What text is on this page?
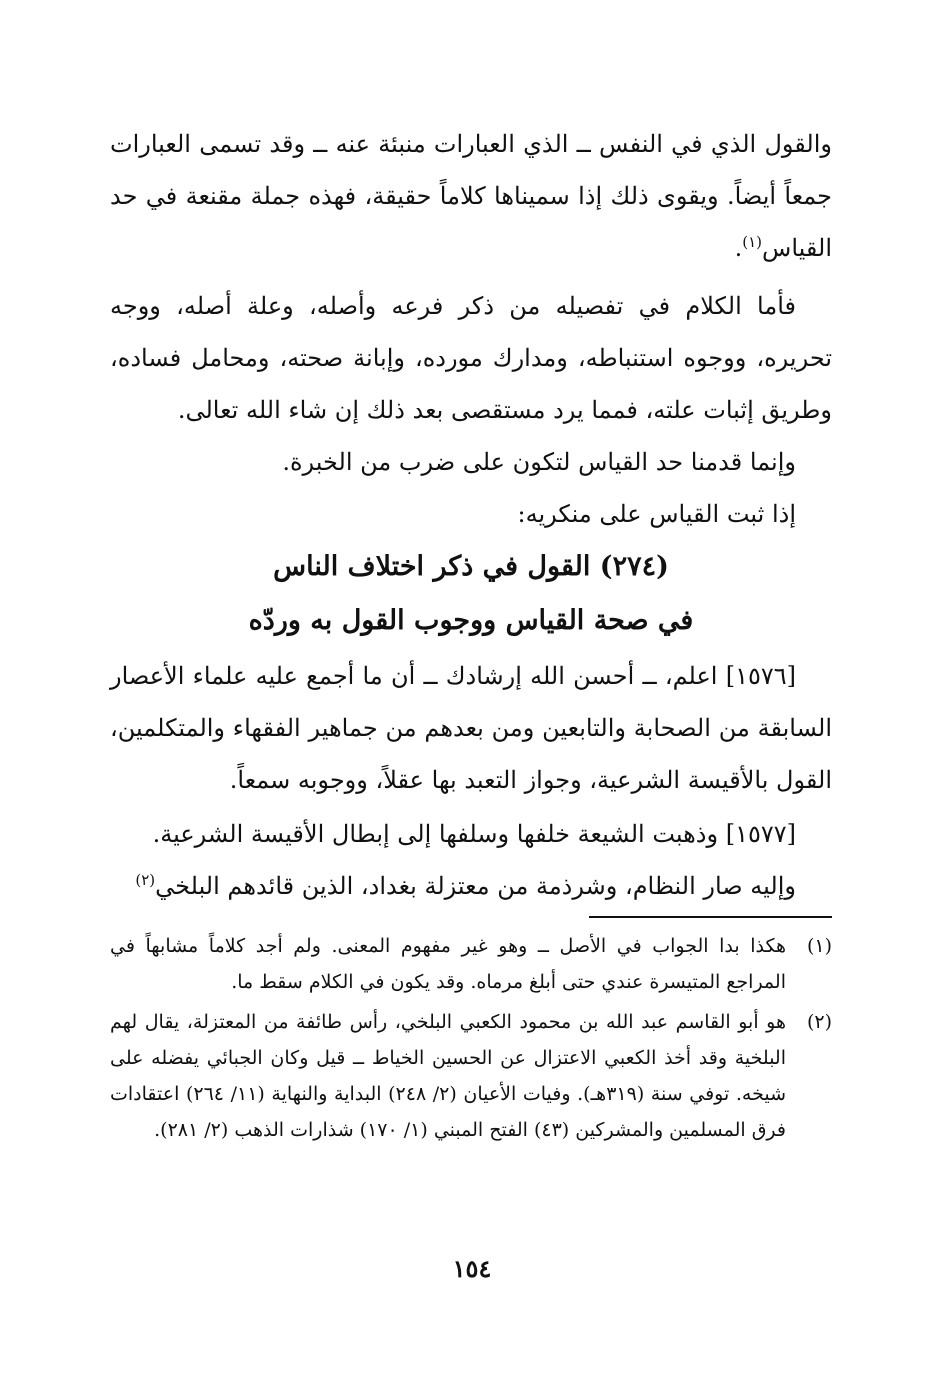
والقول الذي في النفس ــ الذي العبارات منبئة عنه ــ وقد تسمى العبارات جمعاً أيضاً. ويقوى ذلك إذا سميناها كلاماً حقيقة، فهذه جملة مقنعة في حد القياس$^{(١)}$.

فأما الكلام في تفصيله من ذكر فرعه وأصله، وعلة أصله، ووجه تحريره، ووجوه استنباطه، ومدارك مورده، وإبانة صحته، ومحامل فساده، وطريق إثبات علته، فمما يرد مستقصى بعد ذلك إن شاء الله تعالى.

وإنما قدمنا حد القياس لتكون على ضرب من الخبرة.

إذا ثبت القياس على منكريه:

(٢٧٤) القول في ذكر اختلاف الناس

في صحة القياس ووجوب القول به وردّه

[١٥٧٦] اعلم، ــ أحسن الله إرشادك ــ أن ما أجمع عليه علماء الأعصار السابقة من الصحابة والتابعين ومن بعدهم من جماهير الفقهاء والمتكلمين، القول بالأقيسة الشرعية، وجواز التعبد بها عقلاً، ووجوبه سمعاً.

[١٥٧٧] وذهبت الشيعة خلفها وسلفها إلى إبطال الأقيسة الشرعية.

وإليه صار النظام، وشرذمة من معتزلة بغداد، الذين قائدهم البلخي$^{(٢)}$

(١)
هكذا بدا الجواب في الأصل ــ وهو غير مفهوم المعنى. ولم أجد كلاماً مشابهاً في المراجع المتيسرة عندي حتى أبلغ مرماه. وقد يكون في الكلام سقط ما.

(٢)
هو أبو القاسم عبد الله بن محمود الكعبي البلخي، رأس طائفة من المعتزلة، يقال لهم البلخية وقد أخذ الكعبي الاعتزال عن الحسين الخياط ــ قيل وكان الجبائي يفضله على شيخه. توفي سنة (٣١٩هـ). وفيات الأعيان (٢/ ٢٤٨) البداية والنهاية (١١/ ٢٦٤) اعتقادات فرق المسلمين والمشركين (٤٣) الفتح المبني (١/ ١٧٠) شذارات الذهب (٢/ ٢٨١).

١٥٤
